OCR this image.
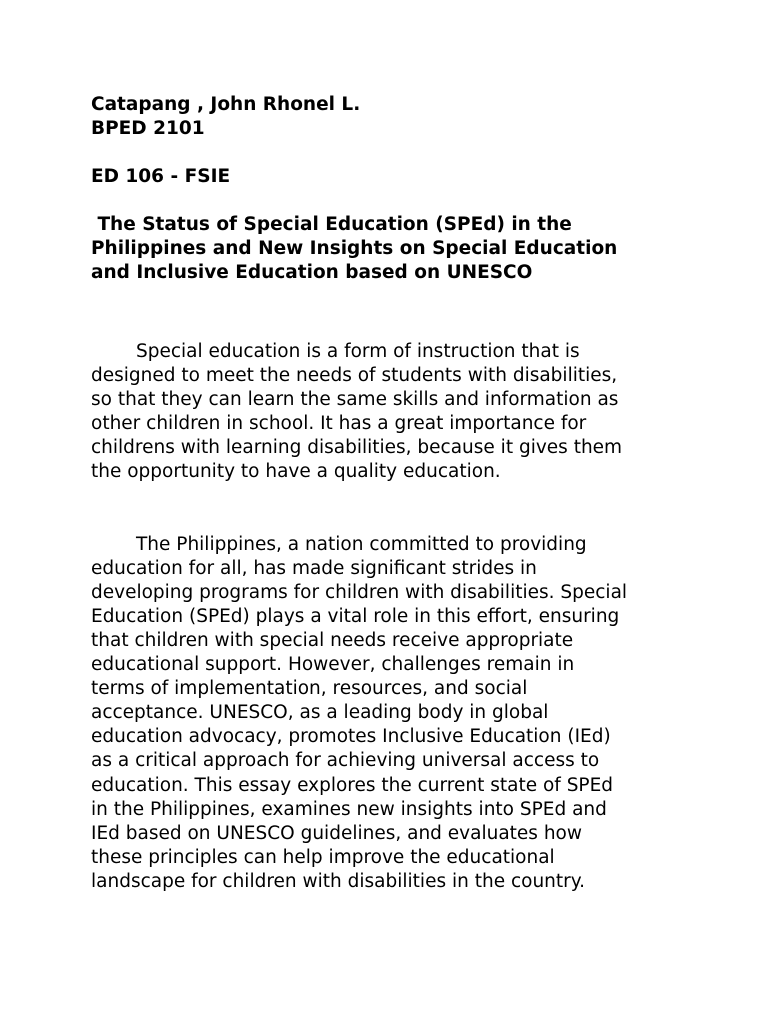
Catapang , John Rhonel L.

BPED 2101

ED 106 - FSIE

The Status of Special Education (SPEd) in the

Philippines and New Insights on Special Education

and Inclusive Education based on UNESCO

Special education is a form of instruction that is

designed to meet the needs of students with disabilities,

so that they can learn the same skills and information as

other children in school. It has a great importance for

childrens with learning disabilities, because it gives them

the opportunity to have a quality education.

The Philippines, a nation committed to providing

education for all, has made significant strides in

developing programs for children with disabilities. Special

Education (SPEd) plays a vital role in this effort, ensuring

that children with special needs receive appropriate

educational support. However, challenges remain in

terms of implementation, resources, and social

acceptance. UNESCO, as a leading body in global

education advocacy, promotes Inclusive Education (IEd)

as a critical approach for achieving universal access to

education. This essay explores the current state of SPEd

in the Philippines, examines new insights into SPEd and

IEd based on UNESCO guidelines, and evaluates how

these principles can help improve the educational

landscape for children with disabilities in the country.
